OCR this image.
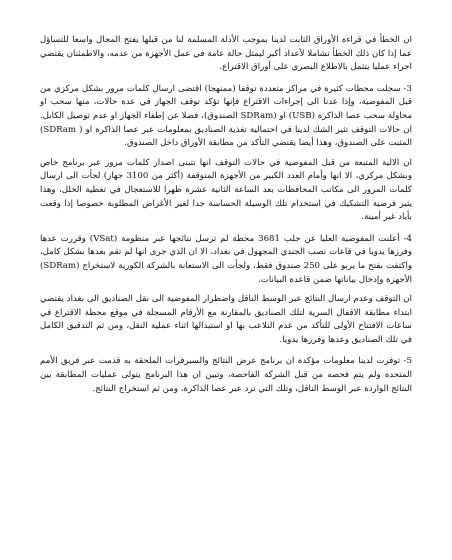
ان الخطأ في قراءة الأوراق الثابت لدينا بموجب الأدلة المسلمة لنا من قبلها يفتح المجال واسعا للتساؤل عما إذا كان ذلك الخطأ تشاملا لأعداد أكبر ليمثل حالة عامة في عمل الأجهزة من عدمه، والاطمئنان يقتضي اجراء عمليا يتثمل بالاطلاع البصري على أوراق الاقتراع.

3- سجلت محطات كثيرة في مراكز متعددة توقفا (ممنهجا) اقتضى ارسال كلمات مرور بشكل مركزي من قبل المفوضية، وإذا عدنا الى إجراءات الاقتراع فإنها تؤكد توقف الجهاز في عدة حالات، منها سحب او محاولة سحب عصا الذاكرة (USB) او (SDRam الصندوق)، فضلا عن إطفاء الجهاز او عدم توصيل الكابل. ان حالات التوقف تثير الشك لدينا في احتمالية تغذية الصناديق بمعلومات عبر عصا الذاكرة او ( SDRam) المثبت على الصندوق، وهذا أيضا يقتضي التأكد من مطابقة الأوراق داخل الصندوق.

ان الالية المتبعة من قبل المفوضية في حالات التوقف انها تتبنى اصدار كلمات مرور عبر برنامج خاص وبشكل مركزي، الا انها وأمام العدد الكبير من الأجهزة المتوقفة (أكثر من 3100 جهاز) لجأت الى ارسال كلمات المرور الى مكاتب المحافظات بعد الساعة الثانية عشرة ظهرا للاستعجال في تغطية الخلل، وهذا يثير فرضية التشكيك في استخدام تلك الوسيلة الحساسة جدا لغير الأغراض المطلوبة خصوصا إذا وقعت بأياد غير أمينة.

4- أعلنت المفوضية العليا عن جلب 3681 محطة لم ترسل نتائجها عبر منظومة (VSat) وقررت عدها وفرزها يدويا في قاعات نصب الجندي المجهول في بغداد، الا ان الذي جرى انها لم تقم بعدها بشكل كامل، واكتفت بفتح ما يربو على 250 صندوق فقط، ولجأت الى الاستعانة بالشركة الكورية لاستخراج (SDRam) الأجهزة وإدخال بياناتها ضمن قاعدة البيانات.

ان التوقف وعدم ارسال النتائج عبر الوسط الناقل واضطرار المفوضية الى نقل الصناديق الى بغداد يقتضي ابتداء مطابقة الاقفال السرية لتلك الصناديق بالمقارنة مع الأرقام المسجلة في موقع محطة الاقتراع في ساعات الافتتاح الأولى للتأكد من عدم التلاعب بها او استبدالها اثناء عملية النقل، ومن ثم التدقيق الكامل في تلك الصناديق وعدها وفرزها يدويا.

5- توفرت لدينا معلومات مؤكدة ان برنامج عرض النتائج والسيرفرات الملحقة به قدمت عبر فريق الأمم المتحدة ولم يتم فحصه من قبل الشركة الفاحصة، وتبين ان هذا البرنامج يتولى عمليات المطابقة بين النتائج الواردة عبر الوسط الناقل، وتلك التي ترد عبر عصا الذاكرة، ومن ثم استخراج النتائج.
